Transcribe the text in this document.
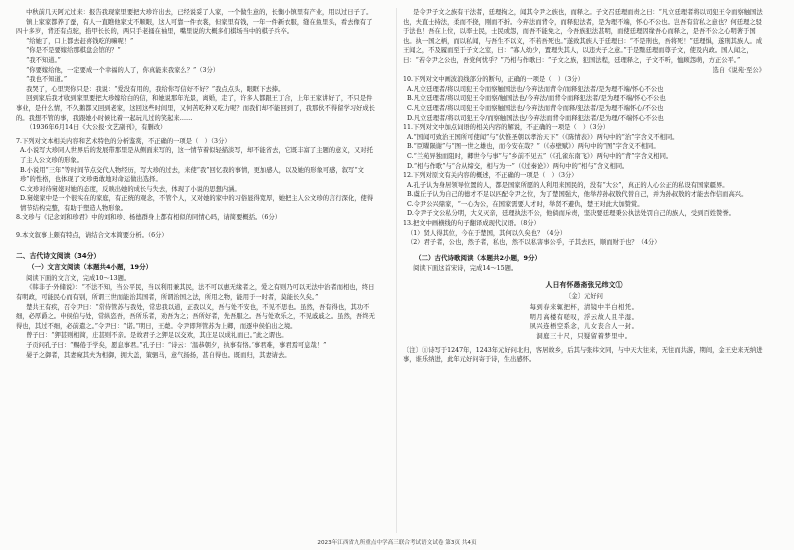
中秋前几天阿元过来：报告我现家里要把大珍许出去，已经说妥了人家，一个做生意的，长衡小镇里有产业，用以过日子了。

镇上家家都养了蚕，有人一直瞧他家丈不顺眼，这人可靠一件衣裳，但家里有钱，一年一件新衣服，缝在鱼里头，看去像有了四十多岁，背还有点驼，掐甲长长的，两只手老捅在袖里，嘴里说的大概多们棋场当中的棋子兵卒。

“给她了，口上都去赶喜钱吃的嘛呢！”

“你是不是要嫁给那棋盘会馆的？”

“我不知道。”

“你要嫁给他，一定要成一个幸福的人了，你真能来我家么？”（3分）

“我也不知道。”

我哭了，心里哭你只是：我说：“爱没有用的，我给你写信好不好？”我点点头，眼眶下去捧。

回到家后我才收到家里要把大珍嫁给白的信，和她说那年光景，离婚，走了，许多人都跟王丁合，上年王家讲好了，不只是件事业，是什么情，不久鹅都又回到老家，这回这些时间里，又何苦吃种又吃力呢？而我们却不能回到了，我那伙不得留学习好成长的。我想不管的事，我跟她小时候比着一起玩儿过的笑起来……

（1936年6月14日《大公报·文艺副刊》，有删改）

7.下列对文本相关内容和艺术特色的分析鉴赏，不正确的一项是（　）（3分）

A.小说写大珍同人世界后的发展带那里是从侧面来写的，这一情节着似轻描淡写，却不能省去，它既丰富了主题的意义，又对托了主人公文珍的形象。

B.小说用“三年”等时间节点交代人物经历，写大珍的过去，来使“我”回忆我的事情，更加感人，以及她的形象可感，叙写“文珍”的性格，也体现了文珍勇敢地对命运做出选择。

C.文珍对待舅姥对她的态度，反映出她的成长与失去，体现了小说的思想内涵。

D.舅姥家中是一个很实在的家庭，有正统的观念，不管个人，又对她的家中的习俗显得宽厚，她把主人公文珍的言行深化，使得情节结构完整，有助于塑造人物形象。

8.文珍与《记念刘和珍君》中的刘和珍、杨德群身上都有相似的同情心吗，请简要概括。（6分）

9.本文叙事上颇有特点，请结合文本简要分析。（6分）

二、古代诗文阅读（34分）
（一）文言文阅读（本题共4小题，19分）

阅读下面的文言文，完成10～13题。

《韩非子·外储说》：“不法不知，当公平民，当以利用兼其民，法不可以惠无缘者之，爱之有则乃可以无法中治者而相也，终日有明政，可能民心而有别，所谓三世而能治其国者，所谓治国之法，所用之物，能用于一时者，莫能长久矣。”

楚共王有疾，召令尹曰：“常侍管苏与我处，常忠我以道，正我以义，吾与处不安也，不见不思也。虽然，吾有得也，其功不细，必厚爵之。申侯伯与处，常纵恣吾，吾所乐者，劝吾为之；吾所好者，先吾服之。吾与处欢乐之，不见戚戚之。虽然，吾终无得也，其过不细，必前遣之。”令尹曰：“诺。”明日，王薨。令尹即拜管苏为上卿，而逐申侯伯出之境。

曾子曰：“狎甚则相简，庄甚则不亲。是故君子之狎足以交欢，其庄足以成礼而已。”此之谓也。

子贡问孔子曰：“赐倦于学矣，愿息事君。”孔子曰：“诗云：‘温恭朝夕，执事有恪。’事君难，事君焉可息哉！”

晏子之御者，其妻窥其夫为相御，拥大盖，策驷马，意气扬扬，甚自得也。既而归，其妻请去。

是令尹子文之族有干法者，廷理拘之，闻其令尹之族也，而释之。子文召廷理而责之曰：“凡立廷理者将以司犯王令而察触国法也，夫直士持法，柔而不挠，刚而不折。今弃法而背令，而释犯法者，是为理不端，怀心不公也。岂吾有营私之意也？何廷理之驳于法也！吾在上位，以率士民，士民或怨，而吾不能免之，今吾族犯法甚明，而使廷理因缘吾心而释之，是吾不公之心明著于国也。执一国之柄，而以私闻，与吾生不以义，不若吾死也。”遂致其族人于廷理曰：“不是刑也，吾将死！”廷理惧，遂刑其族人。成王闻之，不及履而至于子文之室，曰：“寡人幼少，置理失其人，以违夫子之意。”于是黜廷理而尊子文，使及内政。国人闻之，曰：“若令尹之公也，吾党何忧乎？”乃相与作歌曰：“子文之族，犯国法程，廷理释之，子文不听，恤顾怨萌，方正公平。”

选自《说苑·至公》

10.下列对文中画波浪线部分的断句，正确的一项是（　）（3分）

A.凡立廷理者/将以司犯王令而察触国法也/今弃法而背令/而释犯法者/是为理不端/怀心不公也

B.凡立廷理者/将以司犯王令而察/触国法也/今弃法/而背令而释犯法者/是为理不端/怀心不公也

C.凡立廷理者/将以司犯王令而察触国法也/今弃法而背令而释/犯法者/是为理不端怀心/不公也

D.凡立廷理者/将以司犯王令/而察触国法也/今弃法而背令而释犯法者/是为理/不端怀心不公也

11.下列对文中加点词语的相关内容的解说，不正确的一项是（　）（3分）

A.“国闻可致治王国所可使闻”与“伏惟圣朝以孝治天下”（《陈情表》）两句中的“治”字含义不相同。

B.“臣曜陨谢”与“图一世之雄也，而今安在哉？”（《赤壁赋》）两句中的“图”字含义不相同。

C.“兰苑异独而阻时，卿世今与事”与“乡前不见五”（《孔雀东南飞》）两句中的“背”字含义相同。

D.“相与作歌”与“合从缔交，相与为一”（《过秦论》）两句中的“相与”含义相同。

12.下列对原文有关内容的概述，不正确的一项是（　）（3分）

A.孔子认为身居领导位置的人，都是国家所愿的人利用来国民的，没有“大公”，真正的人心公正的私设有国家疆界。

B.虞丘子认为自己的德才不足以匹配令尹之位，为了楚国强大，他举荐孙叔敖代替自己，并为孙叔敖的才能去作信而高兴。

C.令尹公兴鼎家，“一心为公，在国家需要人才时，举贤不避仇，楚王对此大加赞赏。

D.令尹子文公私分明，大义灭亲，廷理执法不公，他倘而斥责，坚决要廷理秉公执法处罚自己的族人，受到百姓赞誉。

13.把文中画横线的句子翻译成现代汉语。（8分）

（1）贤人得其位，今在于楚国，其何以久矣也？（4分）

（2）君子者，公也，然子者，私也，然不以私害事公乎，子其去匹，顺而财于也？（4分）

（二）古代诗歌阅读（本题共2小题，9分）

阅读下面这首宋诗，完成14～15题。

人日有怀愚斋张兄纬文①
〔金〕元好问

每到春来辄把杯，清镜中半白相凭。

明月高楼有嗟叹，浮云故人且半湿。

夙兴连梧空系念，儿女丧合人一封。

洞庭三十尺，只疑留着梦里中。

〔注〕①诗写于1247年，1243年元好问北归，客居故乡，后其与张纬文同，与中天大往来，无往而共游，期间，金王史来无纳进事，谁乐纳进，此年元好问寄于诗，生出感怀。

2023年江西省九所重点中学高三联合考试语文试卷 第3页 共4页
